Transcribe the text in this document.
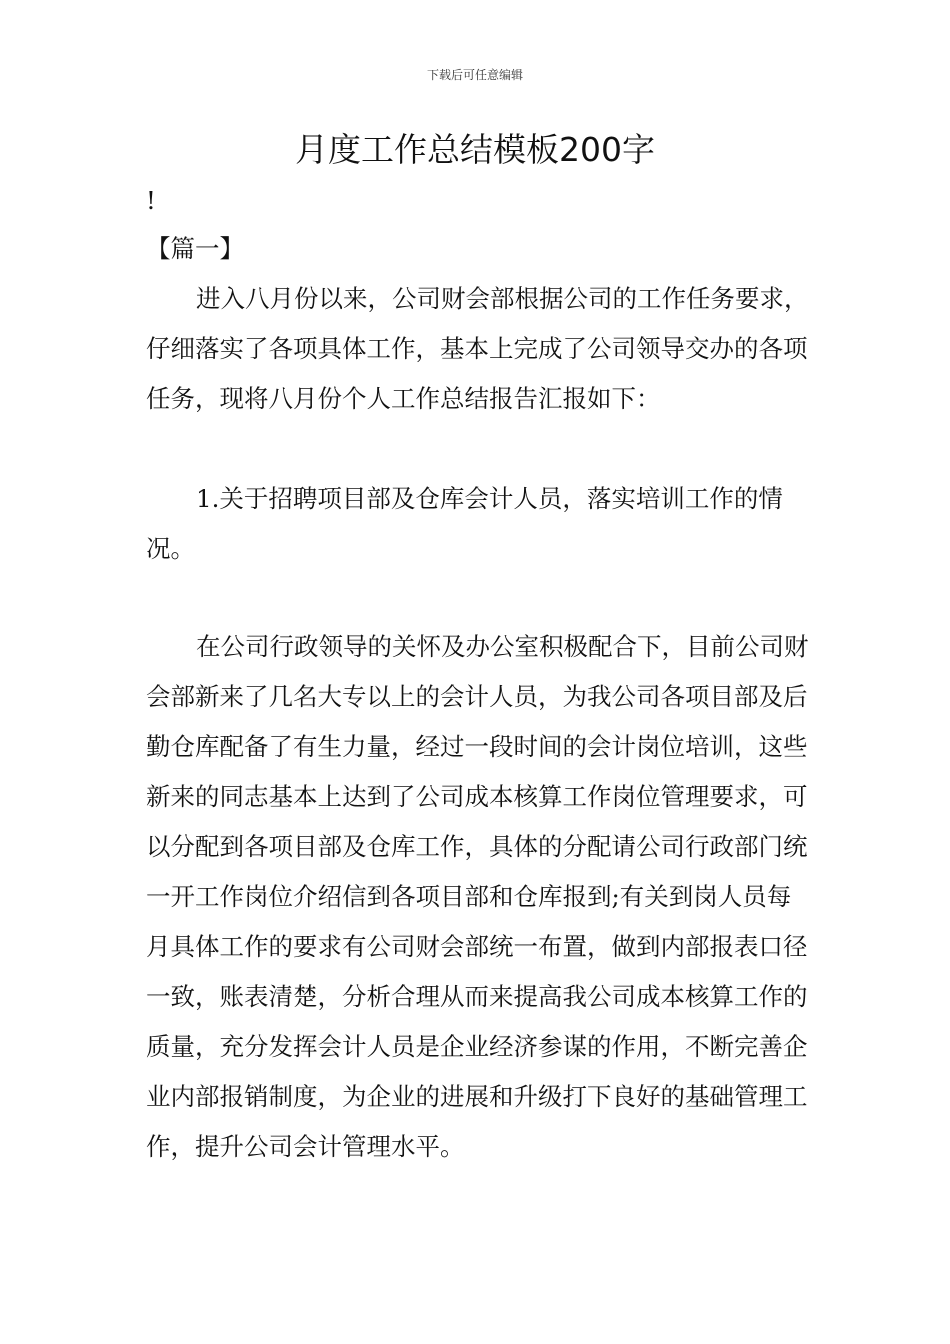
下载后可任意编辑
月度工作总结模板200字

!

【篇一】

进入八月份以来，公司财会部根据公司的工作任务要求，仔细落实了各项具体工作，基本上完成了公司领导交办的各项任务，现将八月份个人工作总结报告汇报如下：

1.关于招聘项目部及仓库会计人员，落实培训工作的情况。

在公司行政领导的关怀及办公室积极配合下，目前公司财会部新来了几名大专以上的会计人员，为我公司各项目部及后勤仓库配备了有生力量，经过一段时间的会计岗位培训，这些新来的同志基本上达到了公司成本核算工作岗位管理要求，可以分配到各项目部及仓库工作，具体的分配请公司行政部门统一开工作岗位介绍信到各项目部和仓库报到;有关到岗人员每月具体工作的要求有公司财会部统一布置，做到内部报表口径一致，账表清楚，分析合理从而来提高我公司成本核算工作的质量，充分发挥会计人员是企业经济参谋的作用，不断完善企业内部报销制度，为企业的进展和升级打下良好的基础管理工作，提升公司会计管理水平。
